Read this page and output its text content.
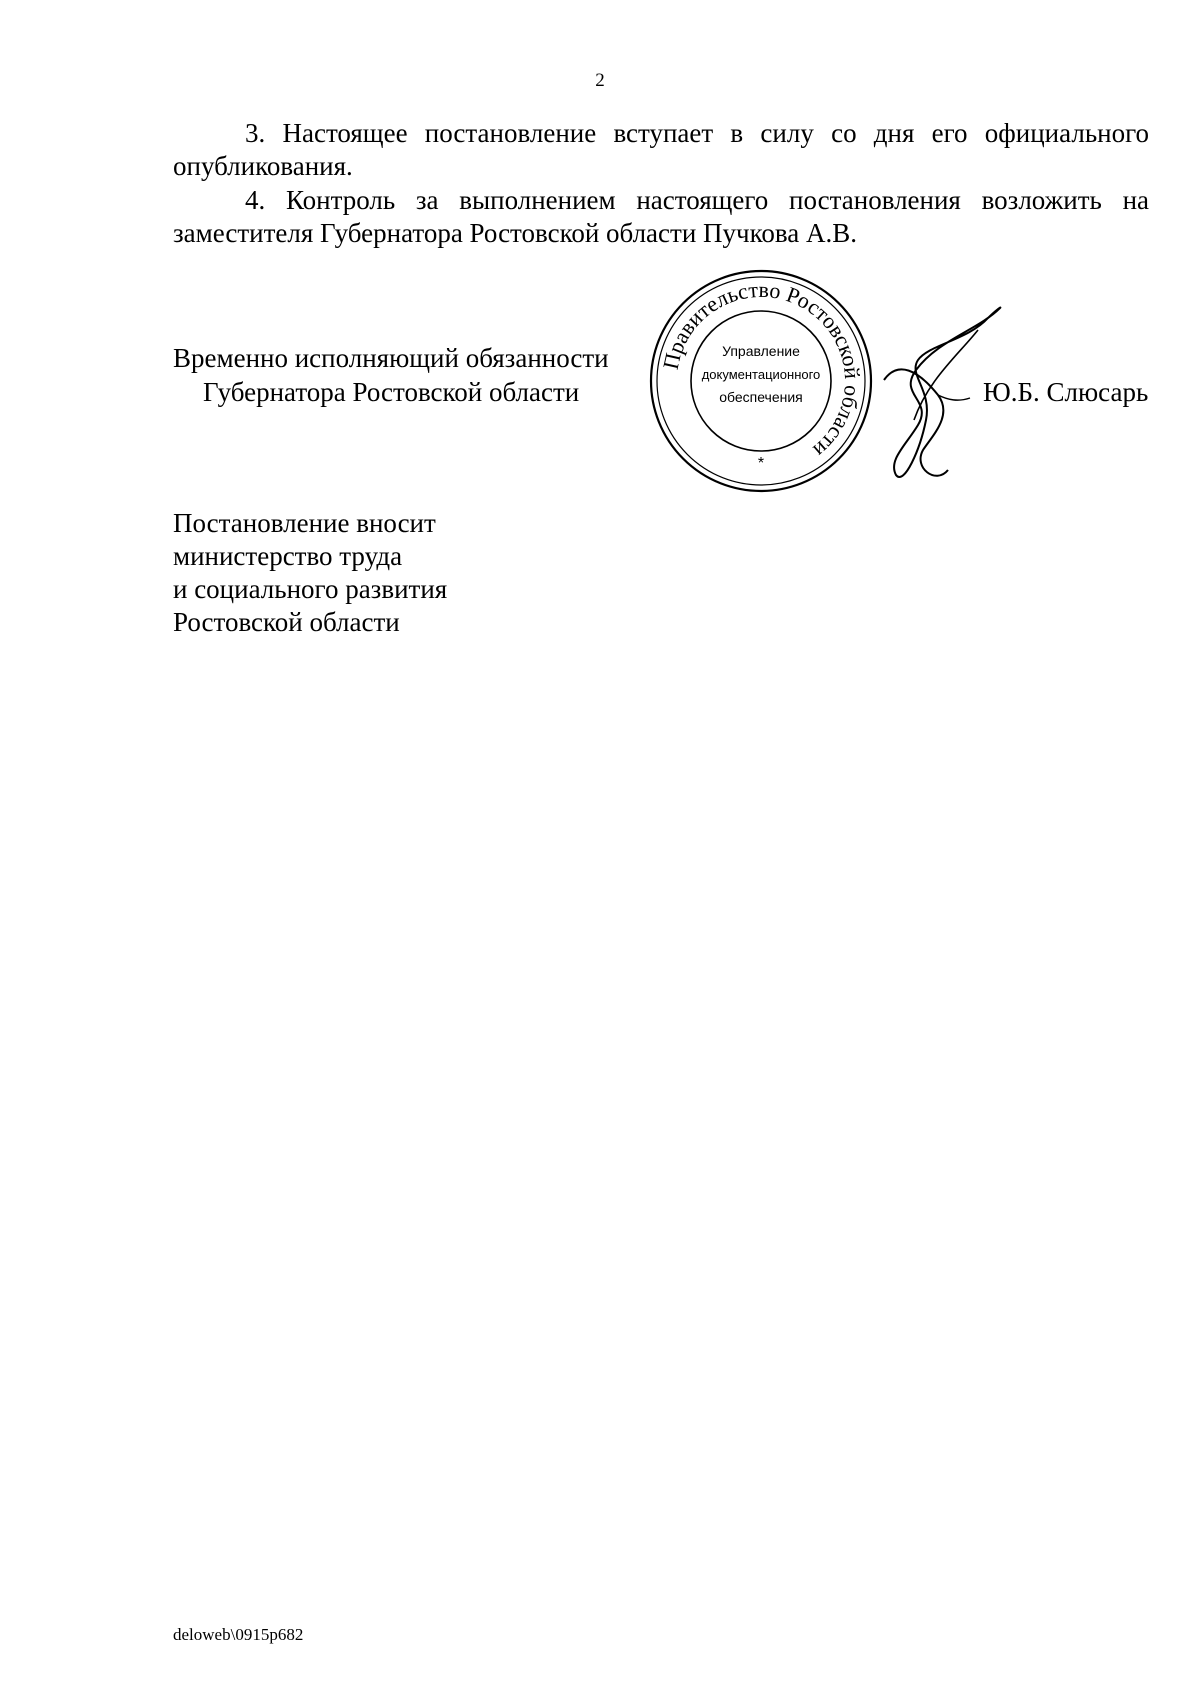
2

3. Настоящее постановление вступает в силу со дня его официального опубликования.

4. Контроль за выполнением настоящего постановления возложить на заместителя Губернатора Ростовской области Пучкова А.В.

Временно исполняющий обязанности
Губернатора Ростовской области
Правительство Ростовской области
Управление
документационного
обеспечения
*
Ю.Б. Слюсарь
Постановление вносит
министерство труда
и социального развития
Ростовской области
deloweb\0915p682
